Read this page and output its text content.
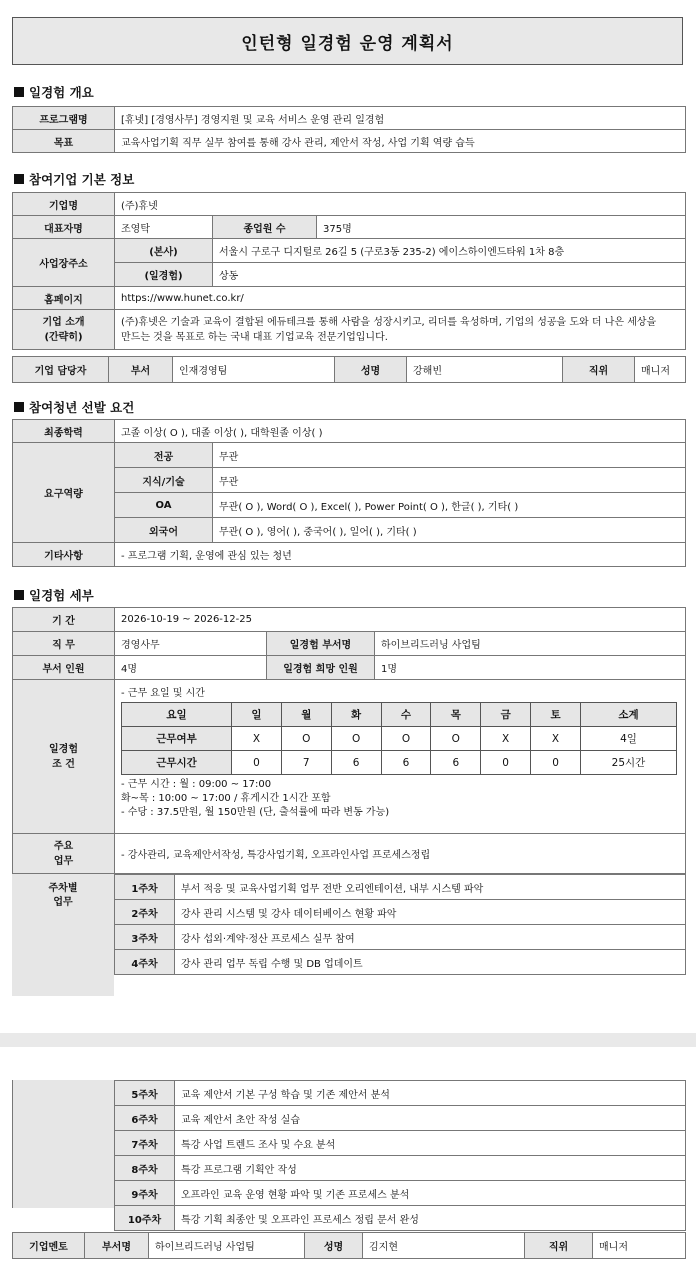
인턴형 일경험 운영 계획서
일경험 개요
프로그램명	[휴넷] [경영사무] 경영지원 및 교육 서비스 운영 관리 일경험
목표	교육사업기획 직무 실무 참여를 통해 강사 관리, 제안서 작성, 사업 기획 역량 습득
참여기업 기본 정보
기업명	(주)휴넷		
대표자명	조영탁	종업원 수	375명
사업장주소	(본사)	서울시 구로구 디지털로 26길 5 (구로3동 235-2) 에이스하이엔드타워 1차 8층	
	(일경험)	상동	
홈페이지	https://www.hunet.co.kr/		
기업 소개
(간략히)	(주)휴넷은 기술과 교육이 결합된 에듀테크를 통해 사람을 성장시키고, 리더를 육성하며, 기업의 성공을 도와 더 나은 세상을
만드는 것을 목표로 하는 국내 대표 기업교육 전문기업입니다.		
기업 담당자	부서	인재경영팀	성명	강해빈	직위	매니저
참여청년 선발 요건
최종학력	고졸 이상( O ), 대졸 이상( ), 대학원졸 이상( )	
요구역량	전공	무관
	지식/기술	무관
	OA	무관( O ), Word( O ), Excel( ), Power Point( O ), 한글( ), 기타( )
	외국어	무관( O ), 영어( ), 중국어( ), 일어( ), 기타( )
기타사항	- 프로그램 기획, 운영에 관심 있는 청년	
일경험 세부
기 간	2026-10-19 ~ 2026-12-25
직 무	경영사무	일경험 부서명	하이브리드러닝 사업팀
부서 인원	4명	일경험 희망 인원	1명
일경험
조 건	
- 근무 요일 및 시간
요일	일	월	화	수	목	금	토	소계
근무여부	X	O	O	O	O	X	X	4일
근무시간	0	7	6	6	6	0	0	25시간
- 근무 시간 : 월 : 09:00 ~ 17:00
화~목 : 10:00 ~ 17:00 / 휴게시간 1시간 포함
- 수당 : 37.5만원, 월 150만원 (단, 출석률에 따라 변동 가능)

주요
업무	- 강사관리, 교육제안서작성, 특강사업기획, 오프라인사업 프로세스정립
주차별
업무
1주차	부서 적응 및 교육사업기획 업무 전반 오리엔테이션, 내부 시스템 파악
2주차	강사 관리 시스템 및 강사 데이터베이스 현황 파악
3주차	강사 섭외·계약·정산 프로세스 실무 참여
4주차	강사 관리 업무 독립 수행 및 DB 업데이트
5주차	교육 제안서 기본 구성 학습 및 기존 제안서 분석
6주차	교육 제안서 초안 작성 실습
7주차	특강 사업 트렌드 조사 및 수요 분석
8주차	특강 프로그램 기획안 작성
9주차	오프라인 교육 운영 현황 파악 및 기존 프로세스 분석
10주차	특강 기획 최종안 및 오프라인 프로세스 정립 문서 완성
기업멘토	부서명	하이브리드러닝 사업팀	성명	김지현	직위	매니저
